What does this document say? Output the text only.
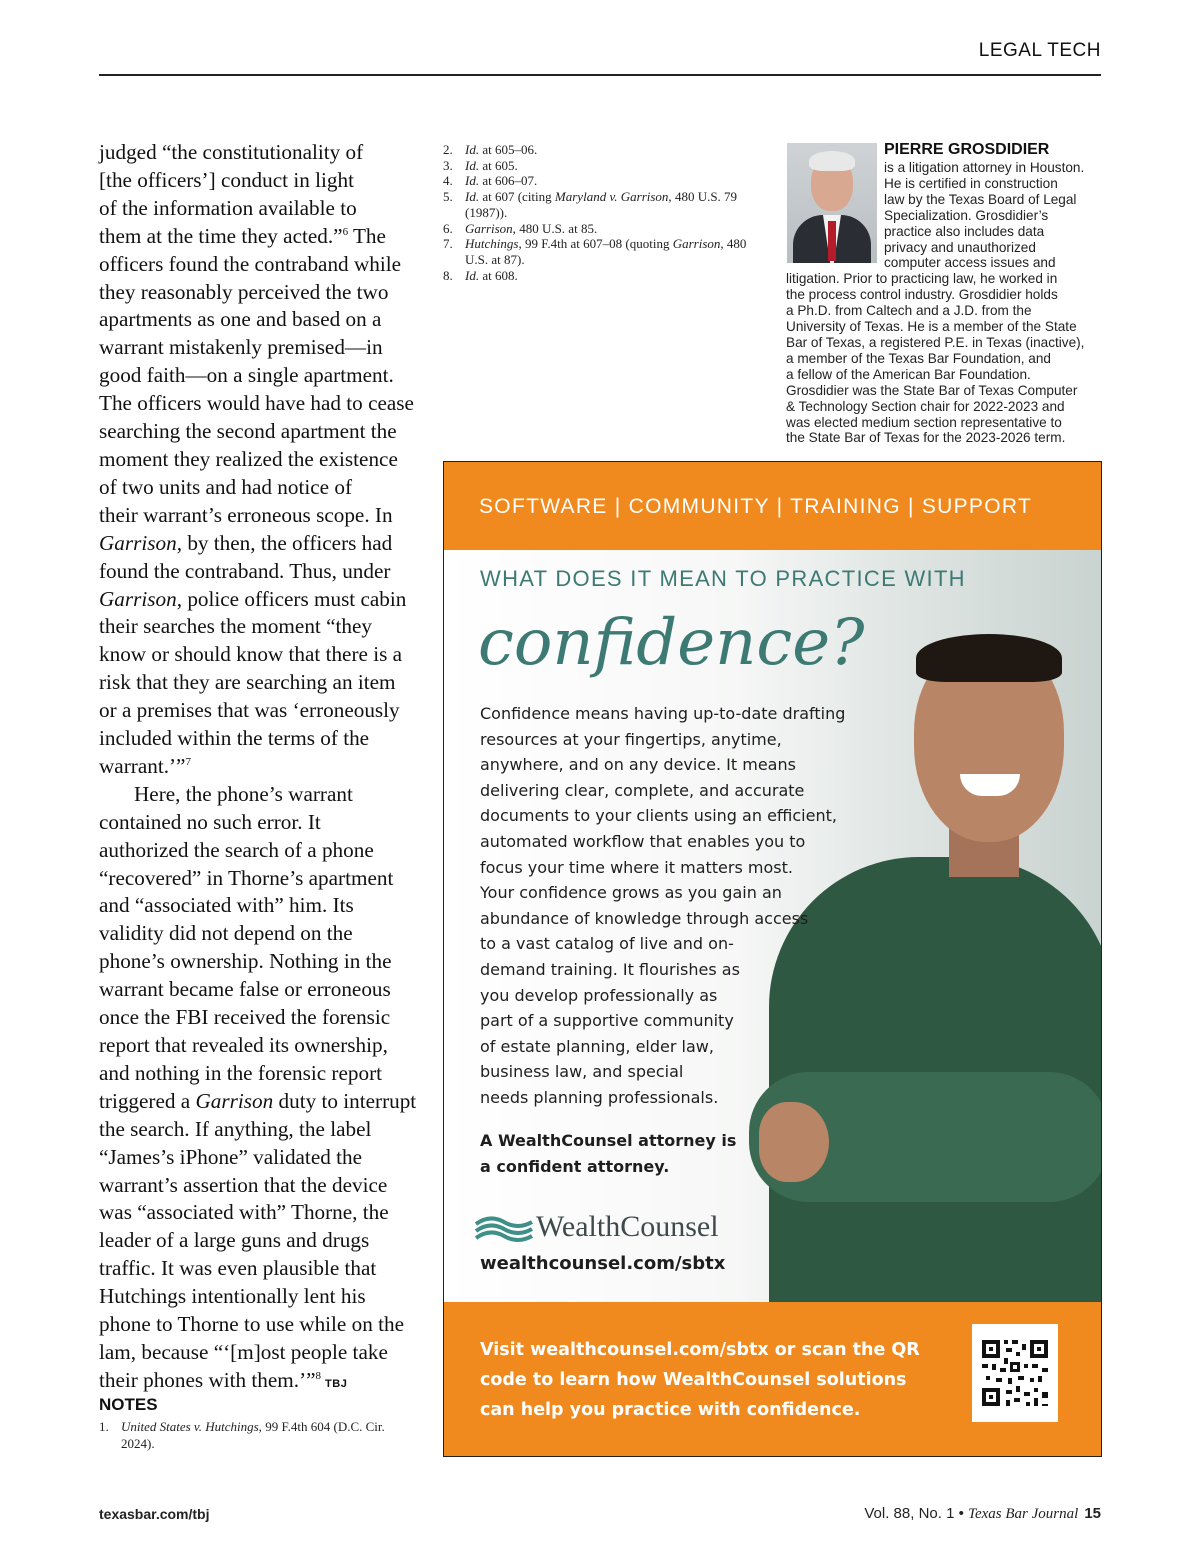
LEGAL TECH
judged “the constitutionality of
[the officers’] conduct in light
of the information available to
them at the time they acted.”$^6$ The
officers found the contraband while
they reasonably perceived the two
apartments as one and based on a
warrant mistakenly premised—in
good faith—on a single apartment.
The officers would have had to cease
searching the second apartment the
moment they realized the existence
of two units and had notice of
their warrant’s erroneous scope. In
Garrison, by then, the officers had
found the contraband. Thus, under
Garrison, police officers must cabin
their searches the moment “they
know or should know that there is a
risk that they are searching an item
or a premises that was ‘erroneously
included within the terms of the
warrant.’”$^7$
Here, the phone’s warrant
contained no such error. It
authorized the search of a phone
“recovered” in Thorne’s apartment
and “associated with” him. Its
validity did not depend on the
phone’s ownership. Nothing in the
warrant became false or erroneous
once the FBI received the forensic
report that revealed its ownership,
and nothing in the forensic report
triggered a Garrison duty to interrupt
the search. If anything, the label
“James’s iPhone” validated the
warrant’s assertion that the device
was “associated with” Thorne, the
leader of a large guns and drugs
traffic. It was even plausible that
Hutchings intentionally lent his
phone to Thorne to use while on the
lam, because “‘[m]ost people take
their phones with them.’”$^8$TBJ
NOTES
1. United States v. Hutchings, 99 F.4th 604 (D.C. Cir.
2024).
2. Id. at 605–06.
3. Id. at 605.
4. Id. at 606–07.
5. Id. at 607 (citing Maryland v. Garrison, 480 U.S. 79
(1987)).
6. Garrison, 480 U.S. at 85.
7. Hutchings, 99 F.4th at 607–08 (quoting Garrison, 480
U.S. at 87).
8. Id. at 608.
PIERRE GROSDIDIER
is a litigation attorney in Houston.
He is certified in construction
law by the Texas Board of Legal
Specialization. Grosdidier’s
practice also includes data
privacy and unauthorized
computer access issues and
litigation. Prior to practicing law, he worked in
the process control industry. Grosdidier holds
a Ph.D. from Caltech and a J.D. from the
University of Texas. He is a member of the State
Bar of Texas, a registered P.E. in Texas (inactive),
a member of the Texas Bar Foundation, and
a fellow of the American Bar Foundation.
Grosdidier was the State Bar of Texas Computer
& Technology Section chair for 2022-2023 and
was elected medium section representative to
the State Bar of Texas for the 2023-2026 term.
SOFTWARE | COMMUNITY | TRAINING | SUPPORT
WHAT DOES IT MEAN TO PRACTICE WITH
confidence?
Confidence means having up-to-date drafting
resources at your fingertips, anytime,
anywhere, and on any device. It means
delivering clear, complete, and accurate
documents to your clients using an efficient,
automated workflow that enables you to
focus your time where it matters most.
Your confidence grows as you gain an
abundance of knowledge through access
to a vast catalog of live and on-
demand training. It flourishes as
you develop professionally as
part of a supportive community
of estate planning, elder law,
business law, and special
needs planning professionals.
A WealthCounsel attorney is
a confident attorney.
WealthCounsel
wealthcounsel.com/sbtx
Visit wealthcounsel.com/sbtx or scan the QR
code to learn how WealthCounsel solutions
can help you practice with confidence.
texasbar.com/tbj	Vol. 88, No. 1 • Texas Bar Journal 15
